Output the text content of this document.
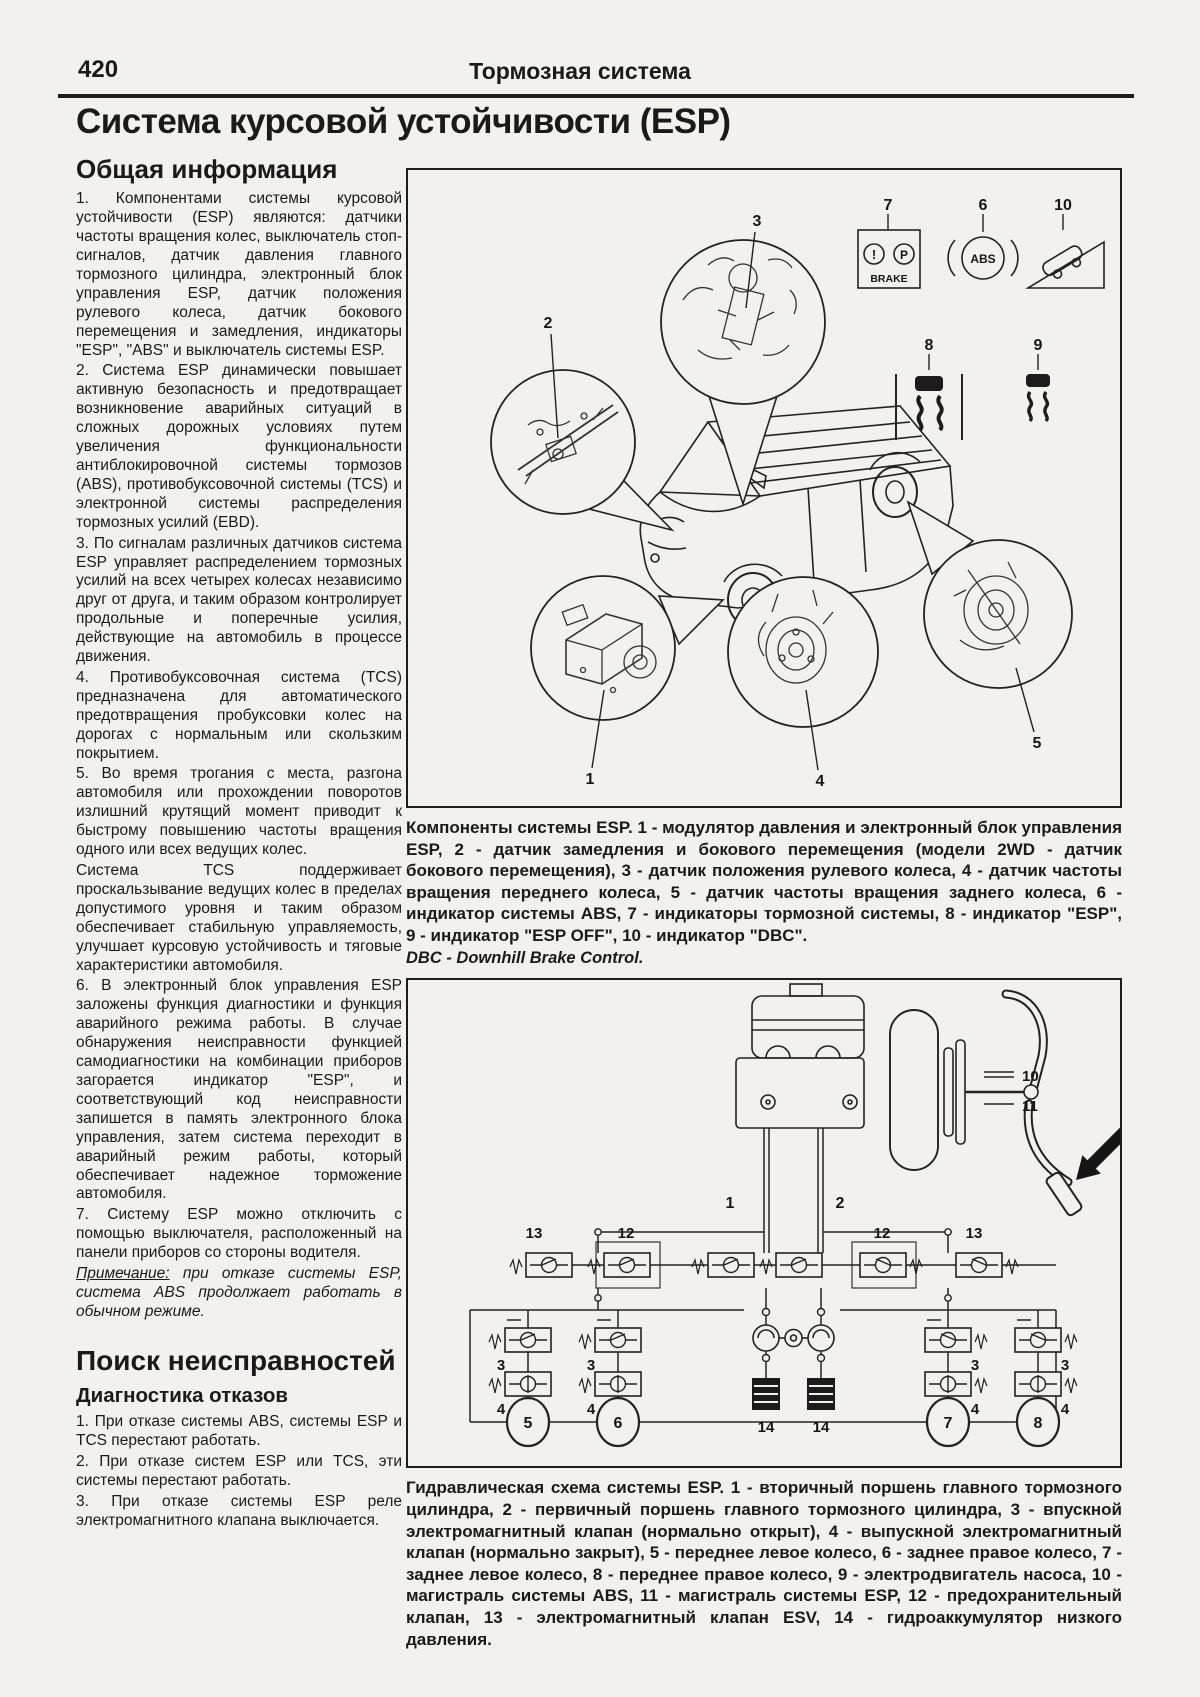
420	Тормозная система
Система курсовой устойчивости (ESP)
Общая информация

1. Компонентами системы курсовой устойчивости (ESP) являются: датчики частоты вращения колес, выключатель стоп-сигналов, датчик давления главного тормозного цилиндра, электронный блок управления ESP, датчик положения рулевого колеса, датчик бокового перемещения и замедления, индикаторы "ESP", "ABS" и выключатель системы ESP.

2. Система ESP динамически повышает активную безопасность и предотвращает возникновение аварийных ситуаций в сложных дорожных условиях путем увеличения функциональности антиблокировочной системы тормозов (ABS), противобуксовочной системы (TCS) и электронной системы распределения тормозных усилий (EBD).

3. По сигналам различных датчиков система ESP управляет распределением тормозных усилий на всех четырех колесах независимо друг от друга, и таким образом контролирует продольные и поперечные усилия, действующие на автомобиль в процессе движения.

4. Противобуксовочная система (TCS) предназначена для автоматического предотвращения пробуксовки колес на дорогах с нормальным или скользким покрытием.

5. Во время трогания с места, разгона автомобиля или прохождении поворотов излишний крутящий момент приводит к быстрому повышению частоты вращения одного или всех ведущих колес.

Система TCS поддерживает проскальзывание ведущих колес в пределах допустимого уровня и таким образом обеспечивает стабильную управляемость, улучшает курсовую устойчивость и тяговые характеристики автомобиля.

6. В электронный блок управления ESP заложены функция диагностики и функция аварийного режима работы. В случае обнаружения неисправности функцией самодиагностики на комбинации приборов загорается индикатор "ESP", и соответствующий код неисправности запишется в память электронного блока управления, затем система переходит в аварийный режим работы, который обеспечивает надежное торможение автомобиля.

7. Систему ESP можно отключить с помощью выключателя, расположенный на панели приборов со стороны водителя.

Примечание: при отказе системы ESP, система ABS продолжает работать в обычном режиме.

Поиск неисправностей
Диагностика отказов

1. При отказе системы ABS, системы ESP и TCS перестают работать.

2. При отказе систем ESP или TCS, эти системы перестают работать.

3. При отказе системы ESP реле электромагнитного клапана выключается.

2
3
1	4
5
7
! P
BRAKE
6
ABS
10
8	9

Компоненты системы ESP. 1 - модулятор давления и электронный блок управления ESP, 2 - датчик замедления и бокового перемещения (модели 2WD - датчик бокового перемещения), 3 - датчик положения рулевого колеса, 4 - датчик частоты вращения переднего колеса, 5 - датчик частоты вращения заднего колеса, 6 - индикатор системы ABS, 7 - индикаторы тормозной системы, 8 - индикатор "ESP", 9 - индикатор "ESP OFF", 10 - индикатор "DBC".

DBC - Downhill Brake Control.

10
11
13	12	12	13
14	14
3	3
4	4
3	3
4	4
1	2
5	6	7	8

Гидравлическая схема системы ESP. 1 - вторичный поршень главного тормозного цилиндра, 2 - первичный поршень главного тормозного цилиндра, 3 - впускной электромагнитный клапан (нормально открыт), 4 - выпускной электромагнитный клапан (нормально закрыт), 5 - переднее левое колесо, 6 - заднее правое колесо, 7 - заднее левое колесо, 8 - переднее правое колесо, 9 - электродвигатель насоса, 10 - магистраль системы ABS, 11 - магистраль системы ESP, 12 - предохранительный клапан, 13 - электромагнитный клапан ESV, 14 - гидроаккумулятор низкого давления.
